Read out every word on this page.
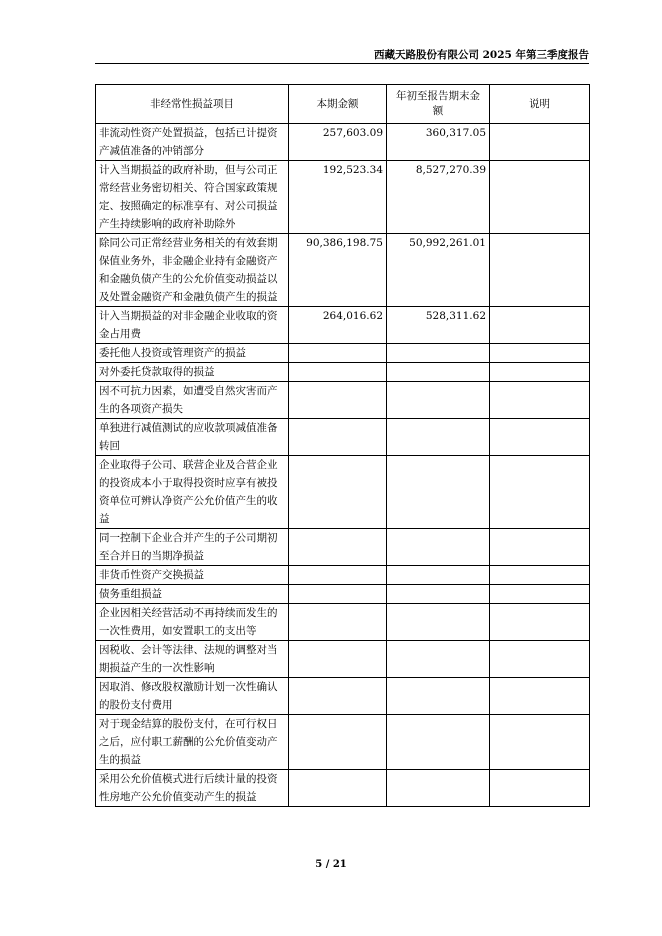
西藏天路股份有限公司 2025 年第三季度报告
非经常性损益项目	本期金额	年初至报告期末金额	说明
非流动性资产处置损益，包括已计提资产减值准备的冲销部分	257,603.09	360,317.05	
计入当期损益的政府补助，但与公司正常经营业务密切相关、符合国家政策规定、按照确定的标准享有、对公司损益产生持续影响的政府补助除外	192,523.34	8,527,270.39	
除同公司正常经营业务相关的有效套期保值业务外，非金融企业持有金融资产和金融负债产生的公允价值变动损益以及处置金融资产和金融负债产生的损益	90,386,198.75	50,992,261.01	
计入当期损益的对非金融企业收取的资金占用费	264,016.62	528,311.62	
委托他人投资或管理资产的损益			
对外委托贷款取得的损益			
因不可抗力因素，如遭受自然灾害而产生的各项资产损失			
单独进行减值测试的应收款项减值准备转回			
企业取得子公司、联营企业及合营企业的投资成本小于取得投资时应享有被投资单位可辨认净资产公允价值产生的收益			
同一控制下企业合并产生的子公司期初至合并日的当期净损益			
非货币性资产交换损益			
债务重组损益			
企业因相关经营活动不再持续而发生的一次性费用，如安置职工的支出等			
因税收、会计等法律、法规的调整对当期损益产生的一次性影响			
因取消、修改股权激励计划一次性确认的股份支付费用			
对于现金结算的股份支付，在可行权日之后，应付职工薪酬的公允价值变动产生的损益			
采用公允价值模式进行后续计量的投资性房地产公允价值变动产生的损益			
5 / 21
